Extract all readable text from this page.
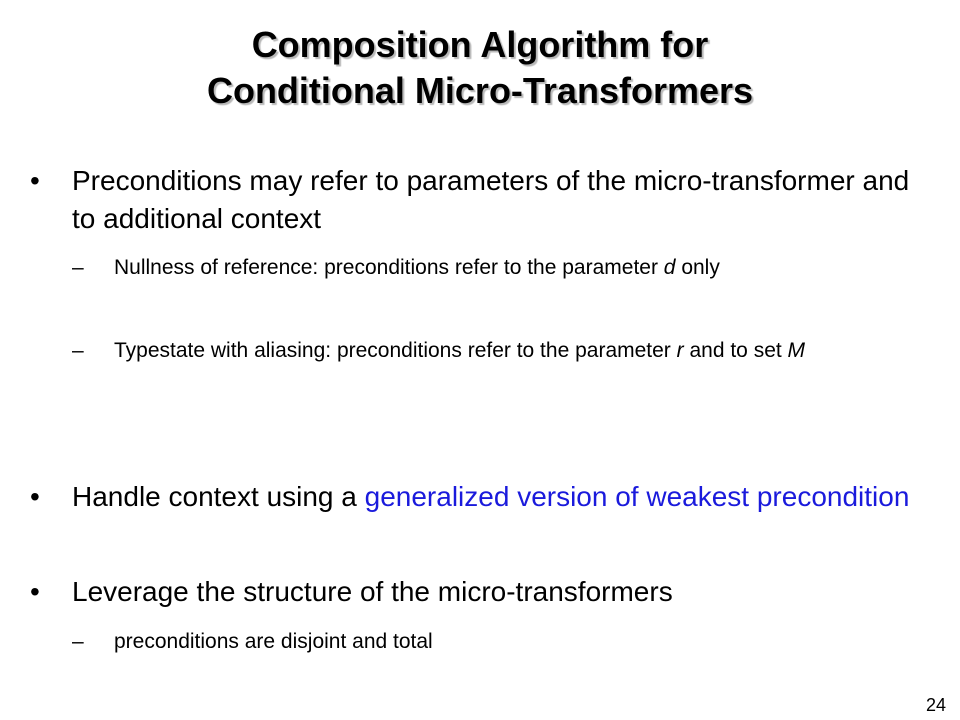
Composition Algorithm for
Conditional Micro-Transformers
•	Preconditions may refer to parameters of the micro-transformer and to additional context
–	Nullness of reference: preconditions refer to the parameter d only
–	Typestate with aliasing: preconditions refer to the parameter r and to set M
•	Handle context using a generalized version of weakest precondition
•	Leverage the structure of the micro-transformers
–	preconditions are disjoint and total
24
